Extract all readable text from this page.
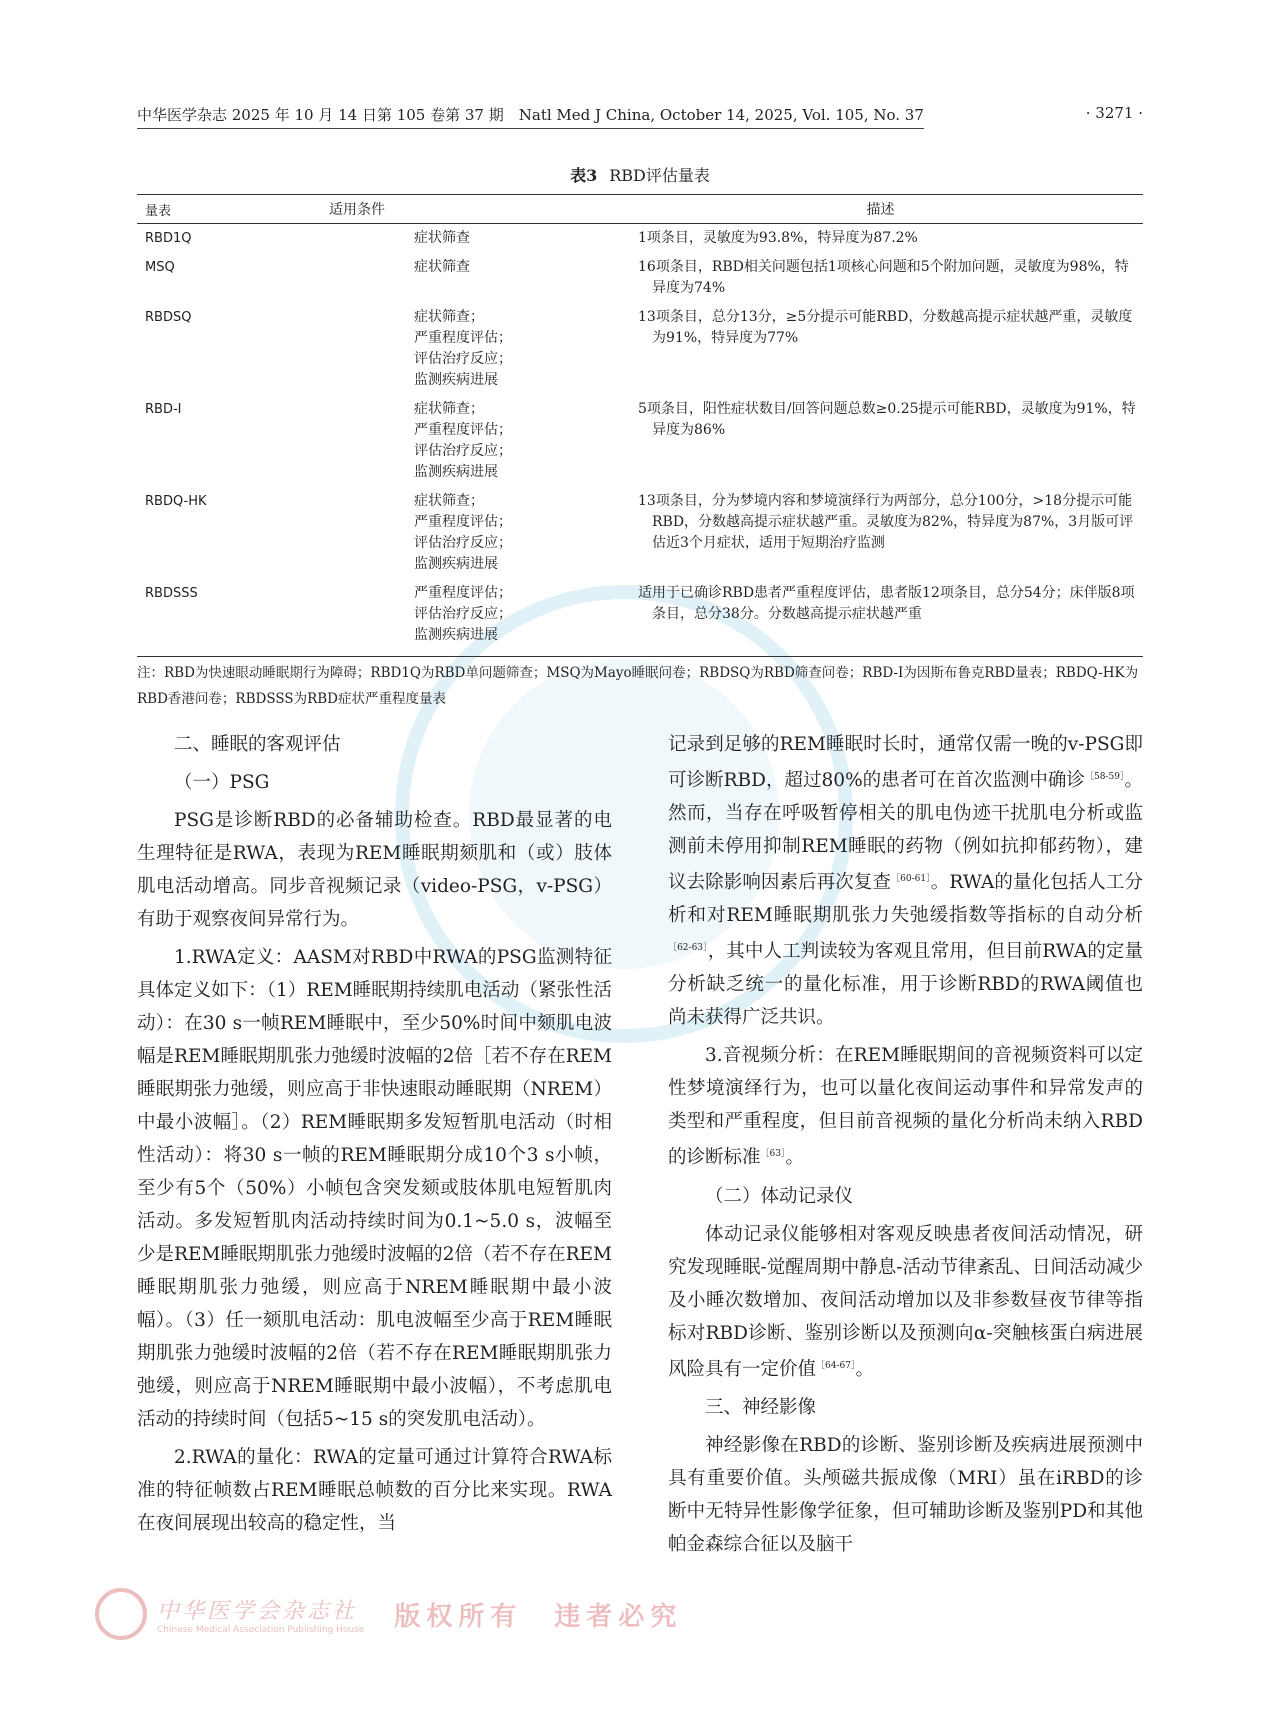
中华医学杂志 2025 年 10 月 14 日第 105 卷第 37 期　Natl Med J China, October 14, 2025, Vol. 105, No. 37	· 3271 ·
表3 RBD评估量表
量表	适用条件	描述
RBD1Q	症状筛查	1项条目，灵敏度为93.8%，特异度为87.2%
MSQ	症状筛查	16项条目，RBD相关问题包括1项核心问题和5个附加问题，灵敏度为98%，特异度为74%
RBDSQ	症状筛查；
严重程度评估；
评估治疗反应；
监测疾病进展	13项条目，总分13分，≥5分提示可能RBD，分数越高提示症状越严重，灵敏度为91%，特异度为77%
RBD-I	症状筛查；
严重程度评估；
评估治疗反应；
监测疾病进展	5项条目，阳性症状数目/回答问题总数≥0.25提示可能RBD，灵敏度为91%，特异度为86%
RBDQ-HK	症状筛查；
严重程度评估；
评估治疗反应；
监测疾病进展	13项条目，分为梦境内容和梦境演绎行为两部分，总分100分，>18分提示可能RBD，分数越高提示症状越严重。灵敏度为82%，特异度为87%，3月版可评估近3个月症状，适用于短期治疗监测
RBDSSS	严重程度评估；
评估治疗反应；
监测疾病进展	适用于已确诊RBD患者严重程度评估，患者版12项条目，总分54分；床伴版8项条目，总分38分。分数越高提示症状越严重
注：RBD为快速眼动睡眠期行为障碍；RBD1Q为RBD单问题筛查；MSQ为Mayo睡眠问卷；RBDSQ为RBD筛查问卷；RBD-I为因斯布鲁克RBD量表；RBDQ-HK为RBD香港问卷；RBDSSS为RBD症状严重程度量表

二、睡眠的客观评估

（一）PSG

PSG是诊断RBD的必备辅助检查。RBD最显著的电生理特征是RWA，表现为REM睡眠期颏肌和（或）肢体肌电活动增高。同步音视频记录（video-PSG，v-PSG）有助于观察夜间异常行为。

1.RWA定义：AASM对RBD中RWA的PSG监测特征具体定义如下：（1）REM睡眠期持续肌电活动（紧张性活动）：在30 s一帧REM睡眠中，至少50%时间中颏肌电波幅是REM睡眠期肌张力弛缓时波幅的2倍［若不存在REM睡眠期张力弛缓，则应高于非快速眼动睡眠期（NREM）中最小波幅］。（2）REM睡眠期多发短暂肌电活动（时相性活动）：将30 s一帧的REM睡眠期分成10个3 s小帧，至少有5个（50%）小帧包含突发颏或肢体肌电短暂肌肉活动。多发短暂肌肉活动持续时间为0.1~5.0 s，波幅至少是REM睡眠期肌张力弛缓时波幅的2倍（若不存在REM睡眠期肌张力弛缓，则应高于NREM睡眠期中最小波幅）。（3）任一颏肌电活动：肌电波幅至少高于REM睡眠期肌张力弛缓时波幅的2倍（若不存在REM睡眠期肌张力弛缓，则应高于NREM睡眠期中最小波幅），不考虑肌电活动的持续时间（包括5~15 s的突发肌电活动）。

2.RWA的量化：RWA的定量可通过计算符合RWA标准的特征帧数占REM睡眠总帧数的百分比来实现。RWA在夜间展现出较高的稳定性，当

记录到足够的REM睡眠时长时，通常仅需一晚的v-PSG即可诊断RBD，超过80%的患者可在首次监测中确诊$^{[58-59]}$。然而，当存在呼吸暂停相关的肌电伪迹干扰肌电分析或监测前未停用抑制REM睡眠的药物（例如抗抑郁药物），建议去除影响因素后再次复查$^{[60-61]}$。RWA的量化包括人工分析和对REM睡眠期肌张力失弛缓指数等指标的自动分析$^{[62-63]}$，其中人工判读较为客观且常用，但目前RWA的定量分析缺乏统一的量化标准，用于诊断RBD的RWA阈值也尚未获得广泛共识。

3.音视频分析：在REM睡眠期间的音视频资料可以定性梦境演绎行为，也可以量化夜间运动事件和异常发声的类型和严重程度，但目前音视频的量化分析尚未纳入RBD的诊断标准$^{[63]}$。

（二）体动记录仪

体动记录仪能够相对客观反映患者夜间活动情况，研究发现睡眠-觉醒周期中静息-活动节律紊乱、日间活动减少及小睡次数增加、夜间活动增加以及非参数昼夜节律等指标对RBD诊断、鉴别诊断以及预测向α-突触核蛋白病进展风险具有一定价值$^{[64-67]}$。

三、神经影像

神经影像在RBD的诊断、鉴别诊断及疾病进展预测中具有重要价值。头颅磁共振成像（MRI）虽在iRBD的诊断中无特异性影像学征象，但可辅助诊断及鉴别PD和其他帕金森综合征以及脑干

中华医学会杂志社
Chinese Medical Association Publishing House 版权所有　违者必究
